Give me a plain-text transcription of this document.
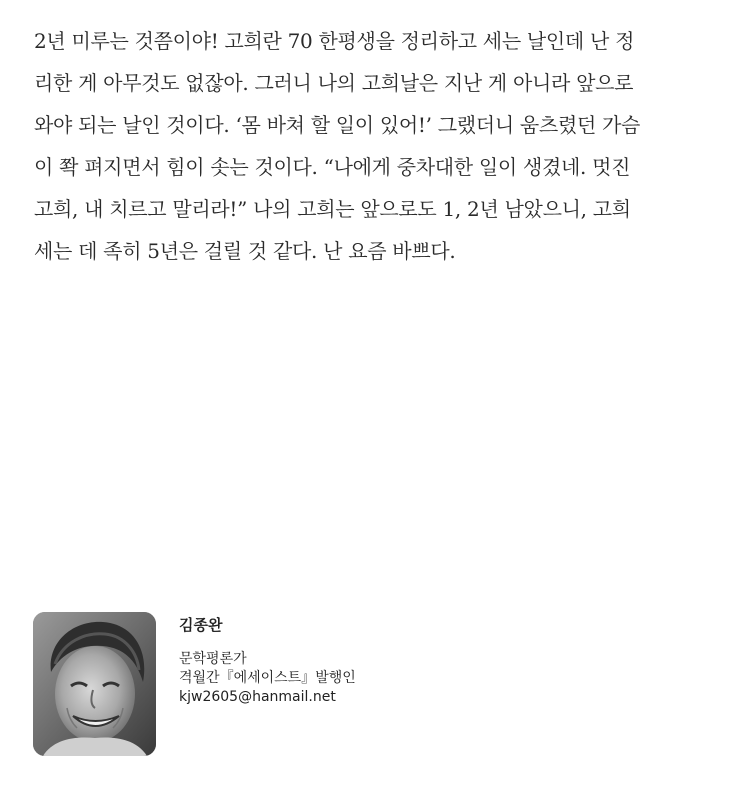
2년 미루는 것쯤이야! 고희란 70 한평생을 정리하고 세는 날인데 난 정
리한 게 아무것도 없잖아. 그러니 나의 고희날은 지난 게 아니라 앞으로
와야 되는 날인 것이다. ‘몸 바쳐 할 일이 있어!’ 그랬더니 움츠렸던 가슴
이 쫙 펴지면서 힘이 솟는 것이다. “나에게 중차대한 일이 생겼네. 멋진
고희, 내 치르고 말리라!” 나의 고희는 앞으로도 1, 2년 남았으니, 고희
세는 데 족히 5년은 걸릴 것 같다. 난 요즘 바쁘다.
김종완
문학평론가
격월간『에세이스트』발행인
kjw2605@hanmail.net
